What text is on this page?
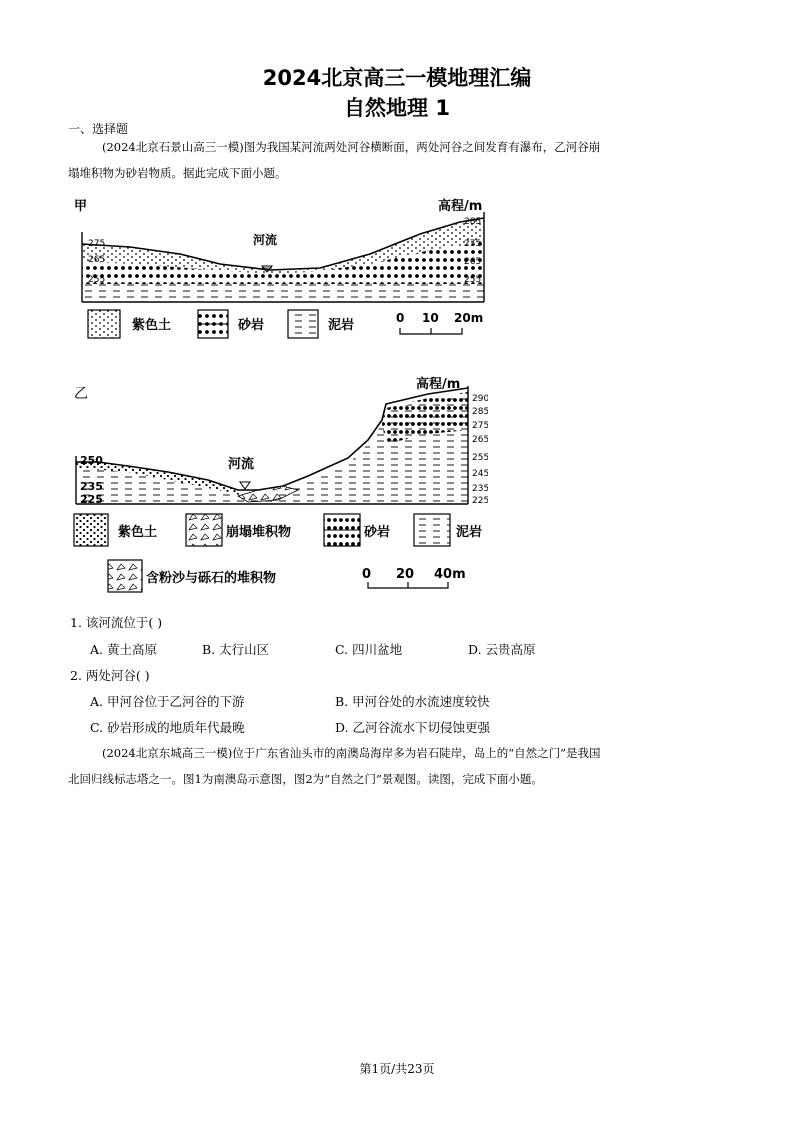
2024北京高三一模地理汇编
自然地理 1
一、选择题
(2024北京石景山高三一模)图为我国某河流两处河谷横断面，两处河谷之间发育有瀑布，乙河谷崩
塌堆积物为砂岩物质。据此完成下面小题。
甲	高程/m
275
265
255
285
275
265
255
河流
紫色土	砂岩	泥岩	0 10 20m
乙
高程/m
250
235
225
290
285
275
265
255
245
235
225
河流
紫色土	崩塌堆积物	砂岩	泥岩
含粉沙与砾石的堆积物	0 20 40m
1. 该河流位于( )
A. 黄土高原	B. 太行山区	C. 四川盆地	D. 云贵高原
2. 两处河谷( )
A. 甲河谷位于乙河谷的下游	B. 甲河谷处的水流速度较快
C. 砂岩形成的地质年代最晚	D. 乙河谷流水下切侵蚀更强
(2024北京东城高三一模)位于广东省汕头市的南澳岛海岸多为岩石陡岸，岛上的“自然之门”是我国
北回归线标志塔之一。图1为南澳岛示意图，图2为“自然之门”景观图。读图，完成下面小题。
第1页/共23页
